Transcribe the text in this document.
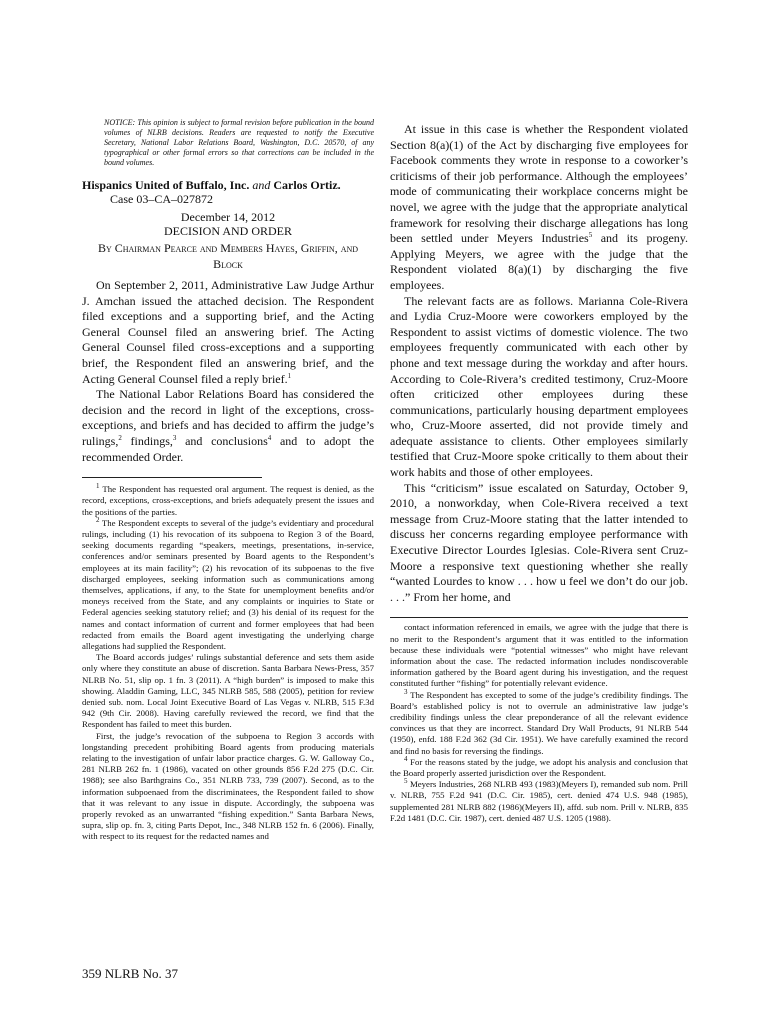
NOTICE: This opinion is subject to formal revision before publication in the bound volumes of NLRB decisions. Readers are requested to notify the Executive Secretary, National Labor Relations Board, Washington, D.C. 20570, of any typographical or other formal errors so that corrections can be included in the bound volumes.

Hispanics United of Buffalo, Inc. and Carlos Ortiz.

Case 03–CA–027872

December 14, 2012

DECISION AND ORDER

By Chairman Pearce and Members Hayes, Griffin, and Block

On September 2, 2011, Administrative Law Judge Arthur J. Amchan issued the attached decision. The Respondent filed exceptions and a supporting brief, and the Acting General Counsel filed an answering brief. The Acting General Counsel filed cross-exceptions and a supporting brief, the Respondent filed an answering brief, and the Acting General Counsel filed a reply brief.$^1$

The National Labor Relations Board has considered the decision and the record in light of the exceptions, cross-exceptions, and briefs and has decided to affirm the judge’s rulings,$^2$ findings,$^3$ and conclusions$^4$ and to adopt the recommended Order.

$^1$ The Respondent has requested oral argument. The request is denied, as the record, exceptions, cross-exceptions, and briefs adequately present the issues and the positions of the parties.

$^2$ The Respondent excepts to several of the judge’s evidentiary and procedural rulings, including (1) his revocation of its subpoena to Region 3 of the Board, seeking documents regarding “speakers, meetings, presentations, in-service, conferences and/or seminars presented by Board agents to the Respondent’s employees at its main facility”; (2) his revocation of its subpoenas to the five discharged employees, seeking information such as communications among themselves, applications, if any, to the State for unemployment benefits and/or moneys received from the State, and any complaints or inquiries to State or Federal agencies seeking statutory relief; and (3) his denial of its request for the names and contact information of current and former employees that had been redacted from emails the Board agent investigating the underlying charge allegations had supplied the Respondent.

The Board accords judges’ rulings substantial deference and sets them aside only where they constitute an abuse of discretion. Santa Barbara News-Press, 357 NLRB No. 51, slip op. 1 fn. 3 (2011). A “high burden” is imposed to make this showing. Aladdin Gaming, LLC, 345 NLRB 585, 588 (2005), petition for review denied sub. nom. Local Joint Executive Board of Las Vegas v. NLRB, 515 F.3d 942 (9th Cir. 2008). Having carefully reviewed the record, we find that the Respondent has failed to meet this burden.

First, the judge’s revocation of the subpoena to Region 3 accords with longstanding precedent prohibiting Board agents from producing materials relating to the investigation of unfair labor practice charges. G. W. Galloway Co., 281 NLRB 262 fn. 1 (1986), vacated on other grounds 856 F.2d 275 (D.C. Cir. 1988); see also Barthgrains Co., 351 NLRB 733, 739 (2007). Second, as to the information subpoenaed from the discriminatees, the Respondent failed to show that it was relevant to any issue in dispute. Accordingly, the subpoena was properly revoked as an unwarranted “fishing expedition.” Santa Barbara News, supra, slip op. fn. 3, citing Parts Depot, Inc., 348 NLRB 152 fn. 6 (2006). Finally, with respect to its request for the redacted names and

At issue in this case is whether the Respondent violated Section 8(a)(1) of the Act by discharging five employees for Facebook comments they wrote in response to a coworker’s criticisms of their job performance. Although the employees’ mode of communicating their workplace concerns might be novel, we agree with the judge that the appropriate analytical framework for resolving their discharge allegations has long been settled under Meyers Industries$^5$ and its progeny. Applying Meyers, we agree with the judge that the Respondent violated 8(a)(1) by discharging the five employees.

The relevant facts are as follows. Marianna Cole-Rivera and Lydia Cruz-Moore were coworkers employed by the Respondent to assist victims of domestic violence. The two employees frequently communicated with each other by phone and text message during the workday and after hours. According to Cole-Rivera’s credited testimony, Cruz-Moore often criticized other employees during these communications, particularly housing department employees who, Cruz-Moore asserted, did not provide timely and adequate assistance to clients. Other employees similarly testified that Cruz-Moore spoke critically to them about their work habits and those of other employees.

This “criticism” issue escalated on Saturday, October 9, 2010, a nonworkday, when Cole-Rivera received a text message from Cruz-Moore stating that the latter intended to discuss her concerns regarding employee performance with Executive Director Lourdes Iglesias. Cole-Rivera sent Cruz-Moore a responsive text questioning whether she really “wanted Lourdes to know . . . how u feel we don’t do our job. . . .” From her home, and

contact information referenced in emails, we agree with the judge that there is no merit to the Respondent’s argument that it was entitled to the information because these individuals were “potential witnesses” who might have relevant information about the case. The redacted information includes nondiscoverable information gathered by the Board agent during his investigation, and the request constituted further “fishing” for potentially relevant evidence.

$^3$ The Respondent has excepted to some of the judge’s credibility findings. The Board’s established policy is not to overrule an administrative law judge’s credibility findings unless the clear preponderance of all the relevant evidence convinces us that they are incorrect. Standard Dry Wall Products, 91 NLRB 544 (1950), enfd. 188 F.2d 362 (3d Cir. 1951). We have carefully examined the record and find no basis for reversing the findings.

$^4$ For the reasons stated by the judge, we adopt his analysis and conclusion that the Board properly asserted jurisdiction over the Respondent.

$^5$ Meyers Industries, 268 NLRB 493 (1983)(Meyers I), remanded sub nom. Prill v. NLRB, 755 F.2d 941 (D.C. Cir. 1985), cert. denied 474 U.S. 948 (1985), supplemented 281 NLRB 882 (1986)(Meyers II), affd. sub nom. Prill v. NLRB, 835 F.2d 1481 (D.C. Cir. 1987), cert. denied 487 U.S. 1205 (1988).

359 NLRB No. 37
